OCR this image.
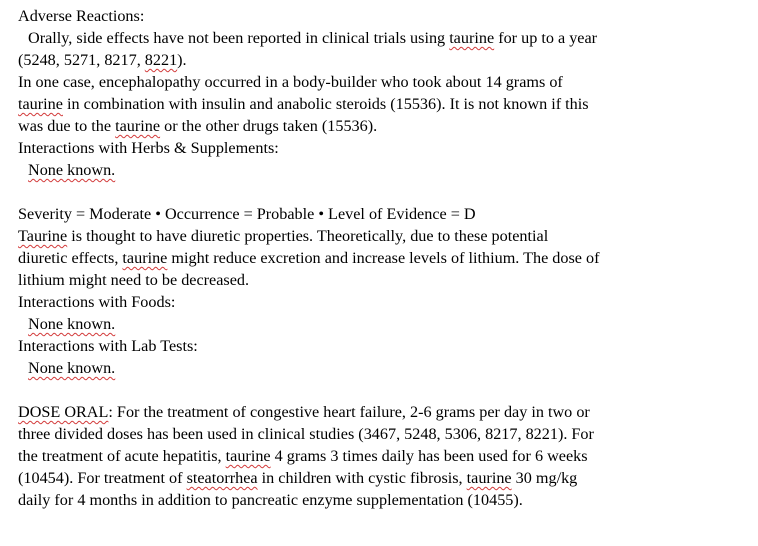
Adverse Reactions:
Orally, side effects have not been reported in clinical trials using taurine for up to a year
(5248, 5271, 8217, 8221).
In one case, encephalopathy occurred in a body-builder who took about 14 grams of
taurine in combination with insulin and anabolic steroids (15536). It is not known if this
was due to the taurine or the other drugs taken (15536).
Interactions with Herbs & Supplements:
None known.
Severity = Moderate • Occurrence = Probable • Level of Evidence = D
Taurine is thought to have diuretic properties. Theoretically, due to these potential
diuretic effects, taurine might reduce excretion and increase levels of lithium. The dose of
lithium might need to be decreased.
Interactions with Foods:
None known.
Interactions with Lab Tests:
None known.
DOSE ORAL: For the treatment of congestive heart failure, 2-6 grams per day in two or
three divided doses has been used in clinical studies (3467, 5248, 5306, 8217, 8221). For
the treatment of acute hepatitis, taurine 4 grams 3 times daily has been used for 6 weeks
(10454). For treatment of steatorrhea in children with cystic fibrosis, taurine 30 mg/kg
daily for 4 months in addition to pancreatic enzyme supplementation (10455).
